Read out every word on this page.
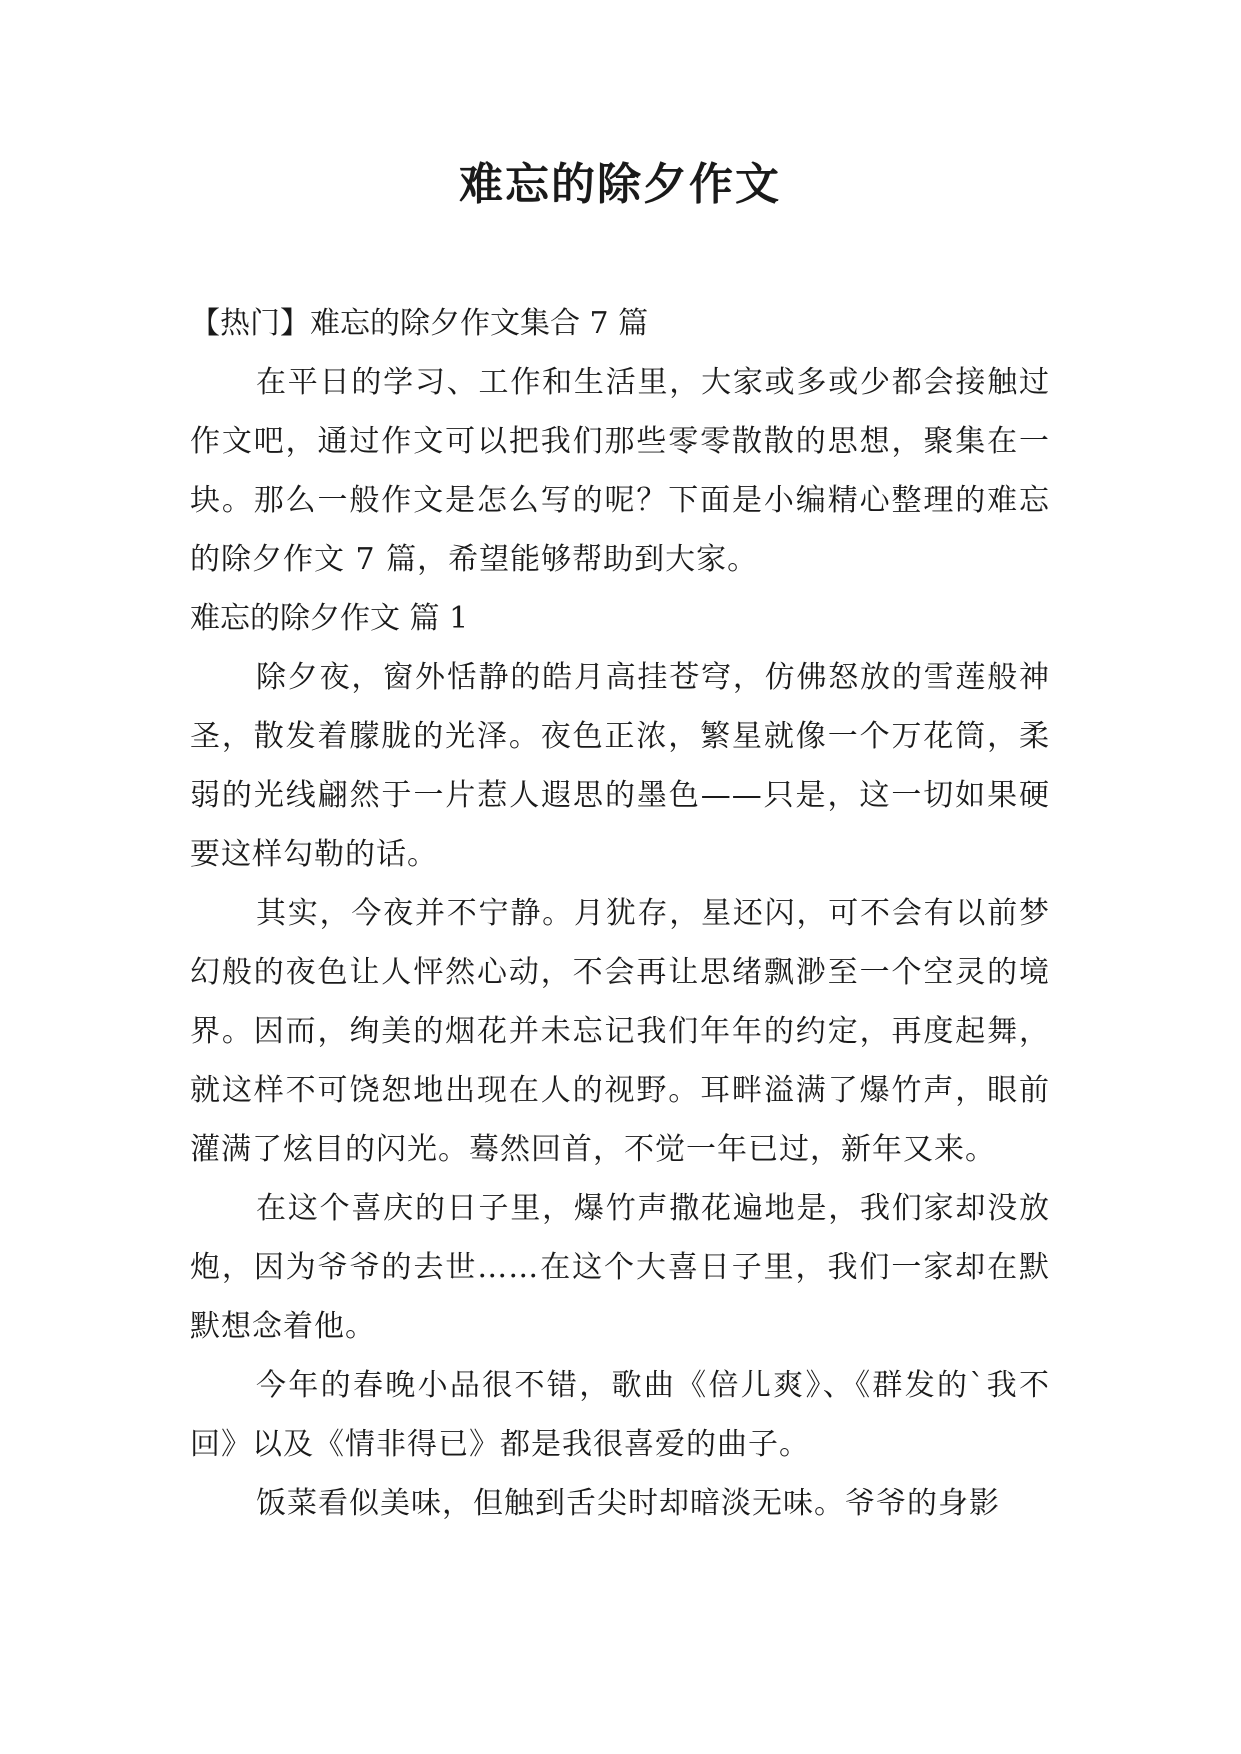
难忘的除夕作文

【热门】难忘的除夕作文集合 7 篇

在平日的学习、工作和生活里，大家或多或少都会接触过作文吧，通过作文可以把我们那些零零散散的思想，聚集在一块。那么一般作文是怎么写的呢？下面是小编精心整理的难忘的除夕作文 7 篇，希望能够帮助到大家。

难忘的除夕作文 篇 1

除夕夜，窗外恬静的皓月高挂苍穹，仿佛怒放的雪莲般神圣，散发着朦胧的光泽。夜色正浓，繁星就像一个万花筒，柔弱的光线翩然于一片惹人遐思的墨色——只是，这一切如果硬要这样勾勒的话。

其实，今夜并不宁静。月犹存，星还闪，可不会有以前梦幻般的夜色让人怦然心动，不会再让思绪飘渺至一个空灵的境界。因而，绚美的烟花并未忘记我们年年的约定，再度起舞，就这样不可饶恕地出现在人的视野。耳畔溢满了爆竹声，眼前灌满了炫目的闪光。蓦然回首，不觉一年已过，新年又来。

在这个喜庆的日子里，爆竹声撒花遍地是，我们家却没放炮，因为爷爷的去世……在这个大喜日子里，我们一家却在默默想念着他。

今年的春晚小品很不错，歌曲《倍儿爽》、《群发的`我不回》以及《情非得已》都是我很喜爱的曲子。

饭菜看似美味，但触到舌尖时却暗淡无味。爷爷的身影
